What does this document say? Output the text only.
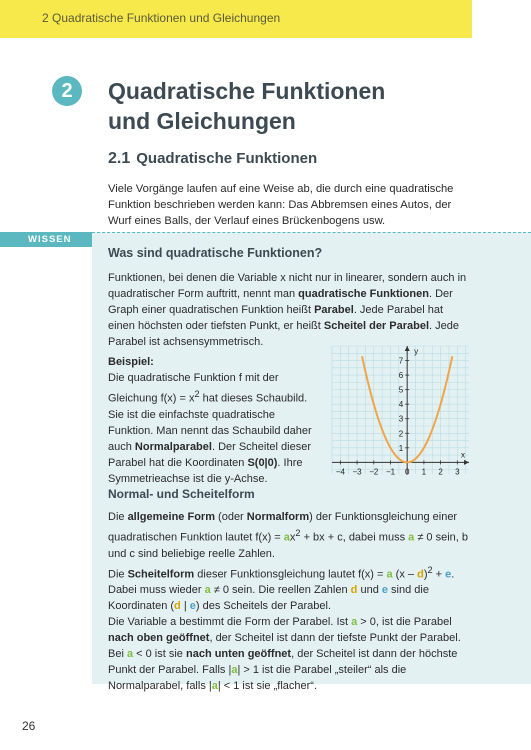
2 Quadratische Funktionen und Gleichungen
2	Quadratische Funktionen
und Gleichungen
2.1 Quadratische Funktionen
Viele Vorgänge laufen auf eine Weise ab, die durch eine quadratische Funktion beschrieben werden kann: Das Abbremsen eines Autos, der Wurf eines Balls, der Verlauf eines Brückenbogens usw.
WISSEN
Was sind quadratische Funktionen?
Funktionen, bei denen die Variable x nicht nur in linearer, sondern auch in quadratischer Form auftritt, nennt man quadratische Funktionen. Der Graph einer quadratischen Funktion heißt Parabel. Jede Parabel hat einen höchsten oder tiefsten Punkt, er heißt Scheitel der Parabel. Jede Parabel ist achsensymmetrisch.
Beispiel:
Die quadratische Funktion f mit der Gleichung $f(x) = x^2$ hat dieses Schaubild. Sie ist die einfachste quadratische Funktion. Man nennt das Schaubild daher auch Normalparabel. Der Scheitel dieser Parabel hat die Koordinaten S(0|0). Ihre Symmetrieachse ist die y-Achse.
−4 −3 −2 −1 0 1 2 3
1
2
3
4
5
6
7
x
y
Normal- und Scheitelform
Die allgemeine Form (oder Normalform) der Funktionsgleichung einer quadratischen Funktion lautet $f(x) = ax^2$ + bx + c, dabei muss a ≠ 0 sein, b und c sind beliebige reelle Zahlen.
Die Scheitelform dieser Funktionsgleichung lautet f(x) = a (x – d)$^2$ + e.
Dabei muss wieder a ≠ 0 sein. Die reellen Zahlen d und e sind die Koordinaten (d | e) des Scheitels der Parabel.
Die Variable a bestimmt die Form der Parabel. Ist a > 0, ist die Parabel nach oben geöffnet, der Scheitel ist dann der tiefste Punkt der Parabel. Bei a < 0 ist sie nach unten geöffnet, der Scheitel ist dann der höchste Punkt der Parabel. Falls |a| > 1 ist die Parabel „steiler“ als die Normalparabel, falls |a| < 1 ist sie „flacher“.
26
